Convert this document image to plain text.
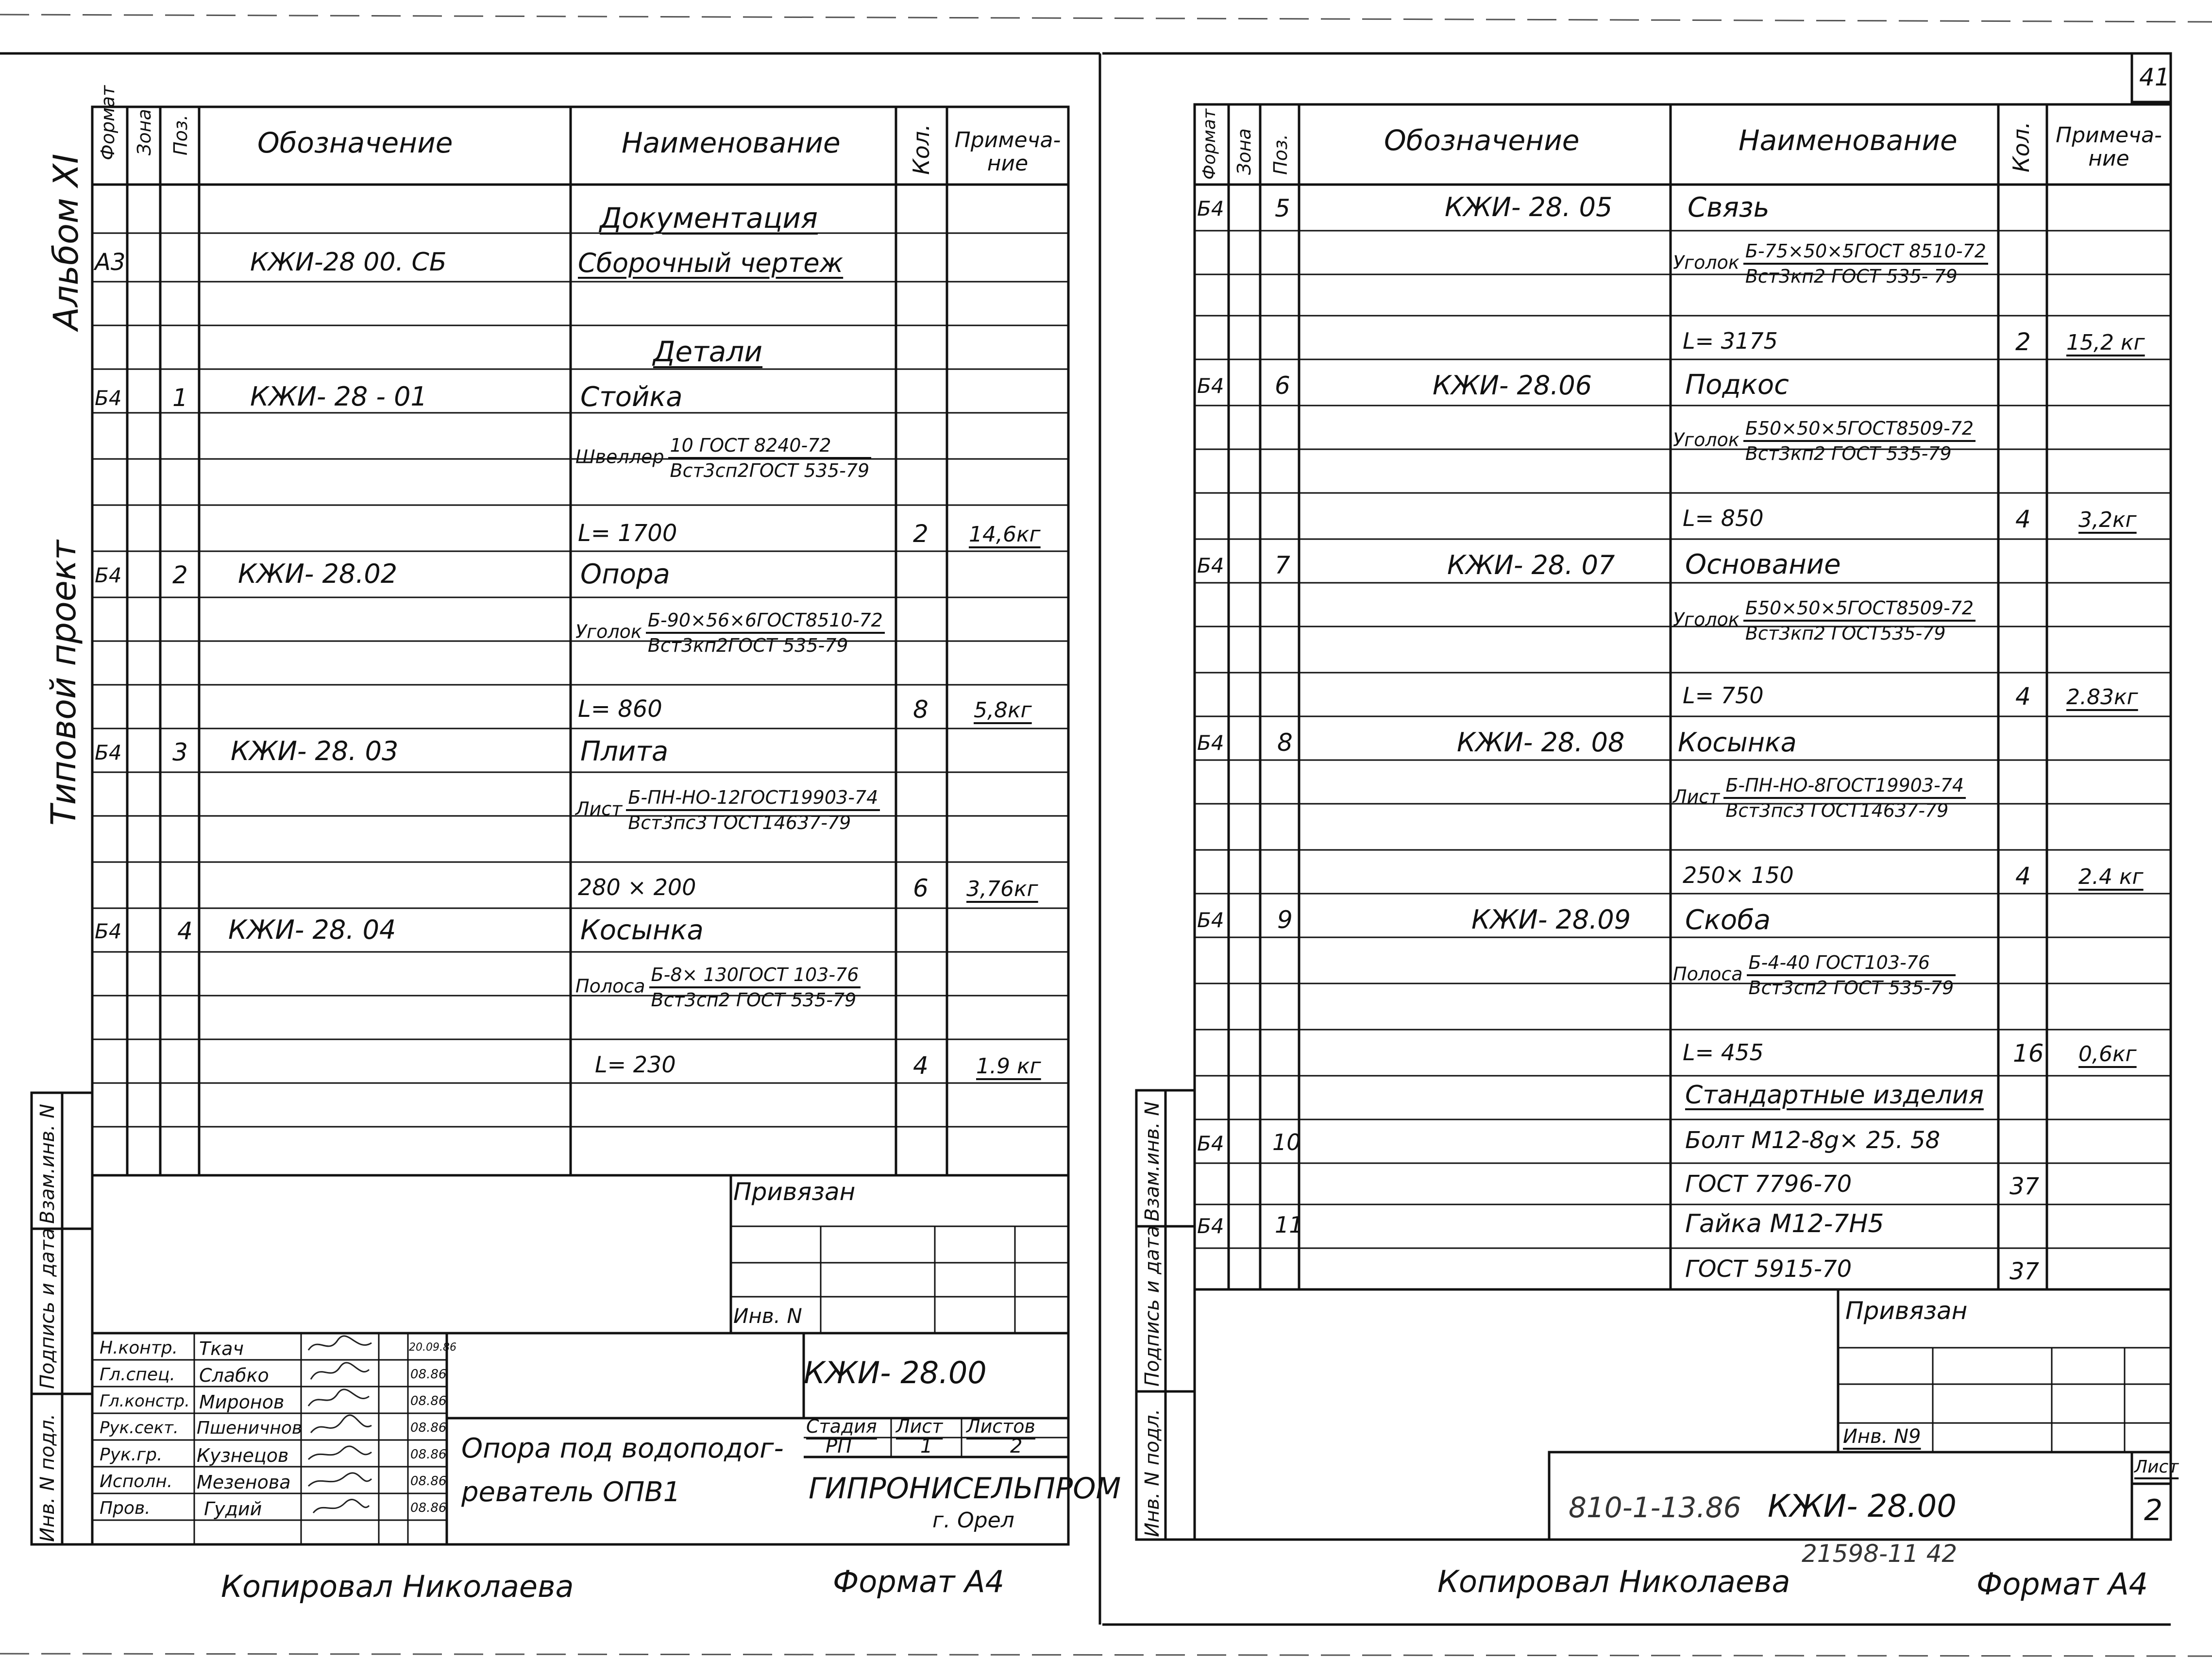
Альбом XI
Типовой проект
Формат Зона Поз. Обозначение	Наименование	Кол. Примеча-ние
Документация
A3	КЖИ-28 00. СБ	Сборочный чертеж
Детали
Б4 1 КЖИ- 28 - 01	Стойка
Швеллер $\frac{\text{10 ГОСТ 8240-72}}{\text{Вст3сп2ГОСТ 535-79}}$
L= 1700	2 14,6кг
Б4 2 КЖИ- 28.02	Опора
Уголок $\frac{\text{Б-90×56×6ГОСТ8510-72}}{\text{Вст3кп2ГОСТ 535-79}}$
L= 860	8 5,8кг
Б4 3 КЖИ- 28. 03	Плита
Лист $\frac{\text{Б-ПН-НО-12ГОСТ19903-74}}{\text{Вст3пс3 ГОСТ14637-79}}$
280 × 200	6 3,76кг
Б4 4 КЖИ- 28. 04	Косынка
Полоса $\frac{\text{Б-8× 130ГОСТ 103-76}}{\text{Вст3сп2 ГОСТ 535-79}}$
L= 230	4 1.9 кг
Взам.инв. N
Подпись и дата
Инв. N подл.
Привязан
Инв. N
Н.контр. Ткач	20.09.86
Гл.спец. Слабко	08.86
Гл.констр. Миронов	08.86
Рук.сект. Пшеничнов	08.86
Рук.гр. Кузнецов	08.86
Исполн. Мезенова	08.86
Пров.	Гудий	08.86
КЖИ- 28.00
Опора под водоподог-
реватель ОПВ1
Стадия Лист Листов
РП	1	2
ГИПРОНИСЕЛЬПРОМ
г. Орел
Копировал Николаева	Формат А4
41
Формат Зона Поз.	Обозначение	Наименование Кол. Примеча-ние
Б4 5	КЖИ- 28. 05	Связь
Уголок $\frac{\text{Б-75×50×5ГОСТ 8510-72}}{\text{Вст3кп2 ГОСТ 535- 79}}$
L= 3175	2 15,2 кг
Б4 6	КЖИ- 28.06	Подкос
Уголок $\frac{\text{Б50×50×5ГОСТ8509-72}}{\text{Вст3кп2 ГОСТ 535-79}}$
L= 850	4 3,2кг
Б4 7	КЖИ- 28. 07	Основание
Уголок $\frac{\text{Б50×50×5ГОСТ8509-72}}{\text{Вст3кп2 ГОСТ535-79}}$
L= 750	4 2.83кг
Б4 8	КЖИ- 28. 08 Косынка
Лист $\frac{\text{Б-ПН-НО-8ГОСТ19903-74}}{\text{Вст3пс3 ГОСТ14637-79}}$
250× 150	4 2.4 кг
Б4 9	КЖИ- 28.09 Скоба
Полоса $\frac{\text{Б-4-40 ГОСТ103-76}}{\text{Вст3сп2 ГОСТ 535-79}}$
L= 455	16 0,6кг
Стандартные изделия
Б4 10	Болт М12-8g× 25. 58
ГОСТ 7796-70	37
Б4 11	Гайка М12-7Н5
ГОСТ 5915-70	37
Взам.инв. N
Подпись и дата
Инв. N подл.
Привязан
Инв. N9
810-1-13.86 КЖИ- 28.00
Лист
2
21598-11 42
Копировал Николаева	Формат А4
